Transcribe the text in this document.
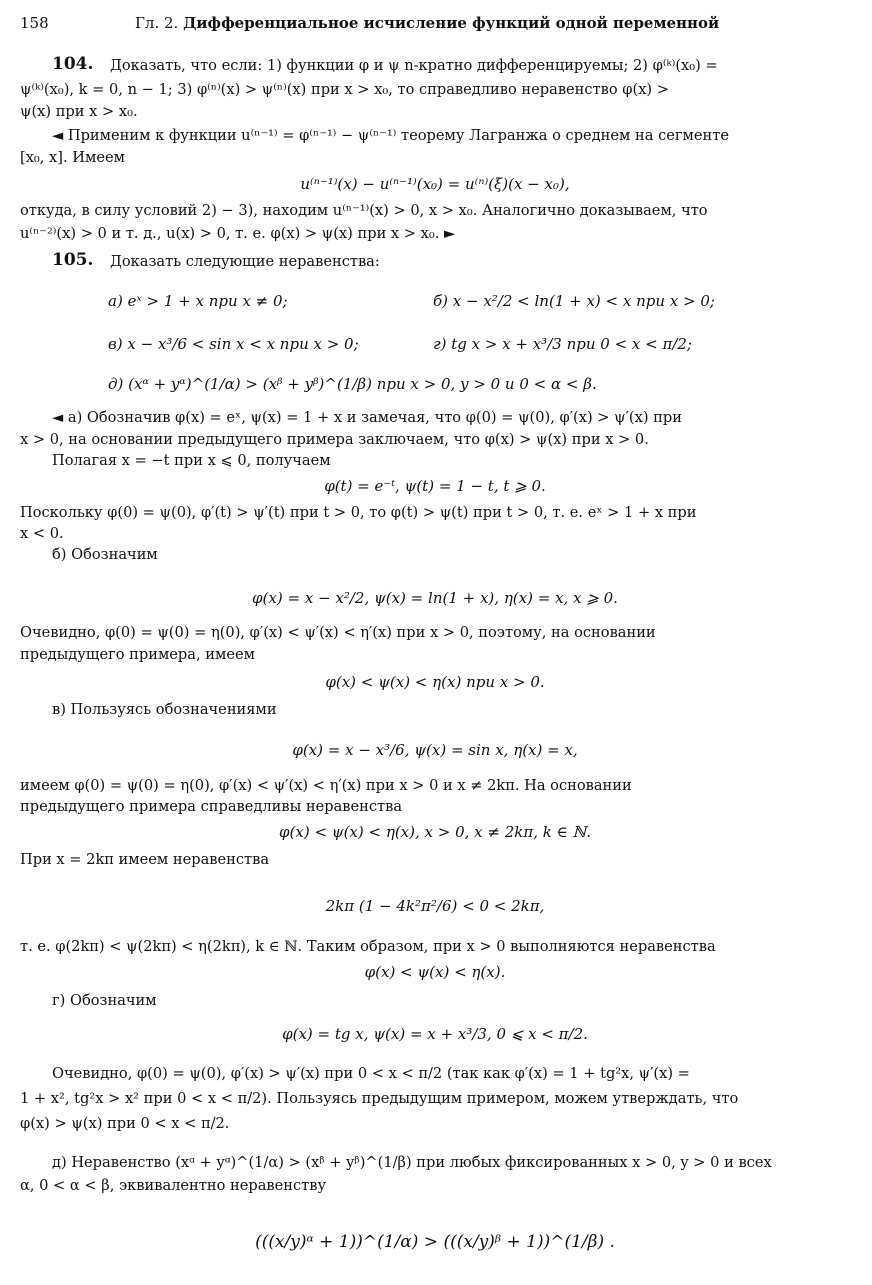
158	Гл. 2. Дифференциальное исчисление функций одной переменной
104.	Доказать, что если: 1) функции φ и ψ n-кратно дифференцируемы; 2) φ⁽ᵏ⁾(x₀) =
ψ⁽ᵏ⁾(x₀), k = 0, n − 1; 3) φ⁽ⁿ⁾(x) > ψ⁽ⁿ⁾(x) при x > x₀, то справедливо неравенство φ(x) >
ψ(x) при x > x₀.
◄ Применим к функции u⁽ⁿ⁻¹⁾ = φ⁽ⁿ⁻¹⁾ − ψ⁽ⁿ⁻¹⁾ теорему Лагранжа о среднем на сегменте
[x₀, x]. Имеем
u⁽ⁿ⁻¹⁾(x) − u⁽ⁿ⁻¹⁾(x₀) = u⁽ⁿ⁾(ξ)(x − x₀),
откуда, в силу условий 2) − 3), находим u⁽ⁿ⁻¹⁾(x) > 0, x > x₀. Аналогично доказываем, что
u⁽ⁿ⁻²⁾(x) > 0 и т. д., u(x) > 0, т. е. φ(x) > ψ(x) при x > x₀. ►
105.	Доказать следующие неравенства:
а) eˣ > 1 + x при x ≠ 0;	б) x − x²/2 < ln(1 + x) < x при x > 0;
в) x − x³/6 < sin x < x при x > 0;	г) tg x > x + x³/3 при 0 < x < π/2;
д) (xᵅ + yᵅ)^(1/α) > (xᵝ + yᵝ)^(1/β) при x > 0, y > 0 и 0 < α < β.
◄ а) Обозначив φ(x) = eˣ, ψ(x) = 1 + x и замечая, что φ(0) = ψ(0), φ′(x) > ψ′(x) при
x > 0, на основании предыдущего примера заключаем, что φ(x) > ψ(x) при x > 0.
Полагая x = −t при x ⩽ 0, получаем
φ(t) = e⁻ᵗ, ψ(t) = 1 − t, t ⩾ 0.
Поскольку φ(0) = ψ(0), φ′(t) > ψ′(t) при t > 0, то φ(t) > ψ(t) при t > 0, т. е. eˣ > 1 + x при
x < 0.
б) Обозначим
φ(x) = x − x²/2, ψ(x) = ln(1 + x), η(x) = x, x ⩾ 0.
Очевидно, φ(0) = ψ(0) = η(0), φ′(x) < ψ′(x) < η′(x) при x > 0, поэтому, на основании
предыдущего примера, имеем
φ(x) < ψ(x) < η(x) при x > 0.
в) Пользуясь обозначениями
φ(x) = x − x³/6, ψ(x) = sin x, η(x) = x,
имеем φ(0) = ψ(0) = η(0), φ′(x) < ψ′(x) < η′(x) при x > 0 и x ≠ 2kπ. На основании
предыдущего примера справедливы неравенства
φ(x) < ψ(x) < η(x), x > 0, x ≠ 2kπ, k ∈ ℕ.
При x = 2kπ имеем неравенства
2kπ (1 − 4k²π²/6) < 0 < 2kπ,
т. е. φ(2kπ) < ψ(2kπ) < η(2kπ), k ∈ ℕ. Таким образом, при x > 0 выполняются неравенства
φ(x) < ψ(x) < η(x).
г) Обозначим
φ(x) = tg x, ψ(x) = x + x³/3, 0 ⩽ x < π/2.
Очевидно, φ(0) = ψ(0), φ′(x) > ψ′(x) при 0 < x < π/2 (так как φ′(x) = 1 + tg²x, ψ′(x) =
1 + x², tg²x > x² при 0 < x < π/2). Пользуясь предыдущим примером, можем утверждать, что
φ(x) > ψ(x) при 0 < x < π/2.
д) Неравенство (xᵅ + yᵅ)^(1/α) > (xᵝ + yᵝ)^(1/β) при любых фиксированных x > 0, y > 0 и всех
α, 0 < α < β, эквивалентно неравенству
(((x/y)ᵅ + 1))^(1/α) > (((x/y)ᵝ + 1))^(1/β) .
